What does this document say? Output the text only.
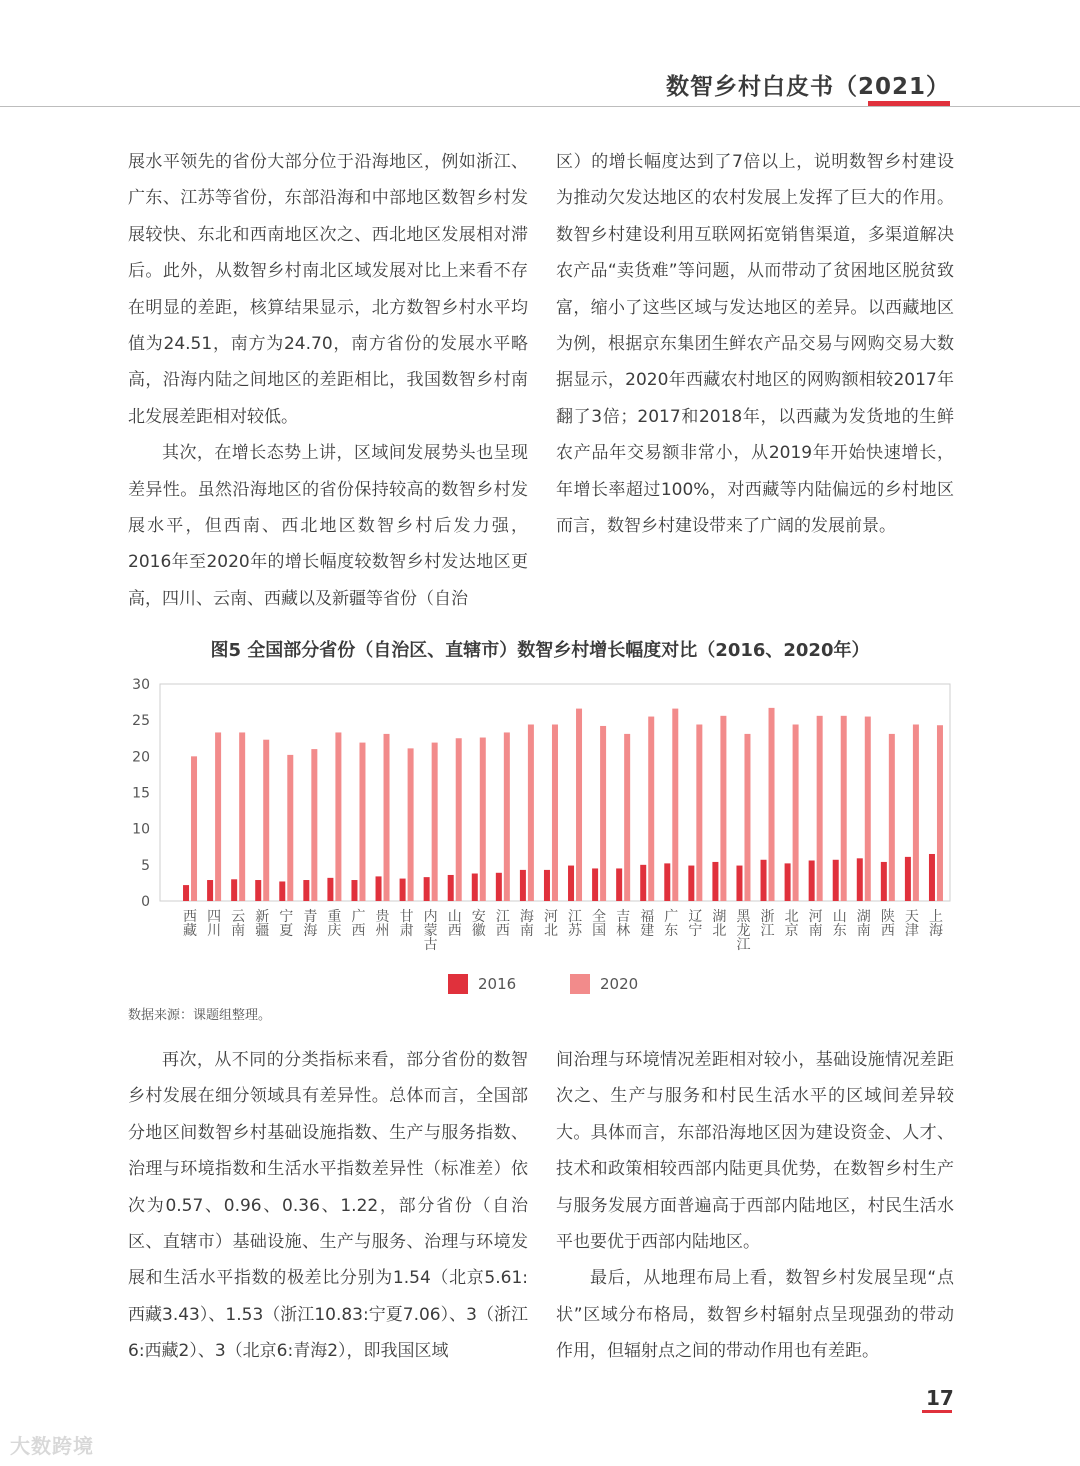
数智乡村白皮书（2021）

展水平领先的省份大部分位于沿海地区，例如浙江、广东、江苏等省份，东部沿海和中部地区数智乡村发展较快、东北和西南地区次之、西北地区发展相对滞后。此外，从数智乡村南北区域发展对比上来看不存在明显的差距，核算结果显示，北方数智乡村水平均值为24.51，南方为24.70，南方省份的发展水平略高，沿海内陆之间地区的差距相比，我国数智乡村南北发展差距相对较低。

其次，在增长态势上讲，区域间发展势头也呈现差异性。虽然沿海地区的省份保持较高的数智乡村发展水平，但西南、西北地区数智乡村后发力强，2016年至2020年的增长幅度较数智乡村发达地区更高，四川、云南、西藏以及新疆等省份（自治

区）的增长幅度达到了7倍以上，说明数智乡村建设为推动欠发达地区的农村发展上发挥了巨大的作用。数智乡村建设利用互联网拓宽销售渠道，多渠道解决农产品“卖货难”等问题，从而带动了贫困地区脱贫致富，缩小了这些区域与发达地区的差异。以西藏地区为例，根据京东集团生鲜农产品交易与网购交易大数据显示，2020年西藏农村地区的网购额相较2017年翻了3倍；2017和2018年，以西藏为发货地的生鲜农产品年交易额非常小，从2019年开始快速增长，年增长率超过100%，对西藏等内陆偏远的乡村地区而言，数智乡村建设带来了广阔的发展前景。

图5 全国部分省份（自治区、直辖市）数智乡村增长幅度对比（2016、2020年）
0
5
10
15
20
25
30
西藏
四川
云南
新疆
宁夏
青海
重庆
广西
贵州
甘肃
内蒙古
山西
安徽
江西
海南
河北
江苏
全国
吉林
福建
广东
辽宁
湖北
黑龙江
浙江
北京
河南
山东
湖南
陕西
天津
上海
2016	2020
数据来源：课题组整理。

再次，从不同的分类指标来看，部分省份的数智乡村发展在细分领域具有差异性。总体而言，全国部分地区间数智乡村基础设施指数、生产与服务指数、治理与环境指数和生活水平指数差异性（标准差）依次为0.57、0.96、0.36、1.22，部分省份（自治区、直辖市）基础设施、生产与服务、治理与环境发展和生活水平指数的极差比分别为1.54（北京5.61:西藏3.43）、1.53（浙江10.83:宁夏7.06）、3（浙江6:西藏2）、3（北京6:青海2），即我国区域

间治理与环境情况差距相对较小，基础设施情况差距次之、生产与服务和村民生活水平的区域间差异较大。具体而言，东部沿海地区因为建设资金、人才、技术和政策相较西部内陆更具优势，在数智乡村生产与服务发展方面普遍高于西部内陆地区，村民生活水平也要优于西部内陆地区。

最后，从地理布局上看，数智乡村发展呈现“点状”区域分布格局，数智乡村辐射点呈现强劲的带动作用，但辐射点之间的带动作用也有差距。

17
大数跨境
